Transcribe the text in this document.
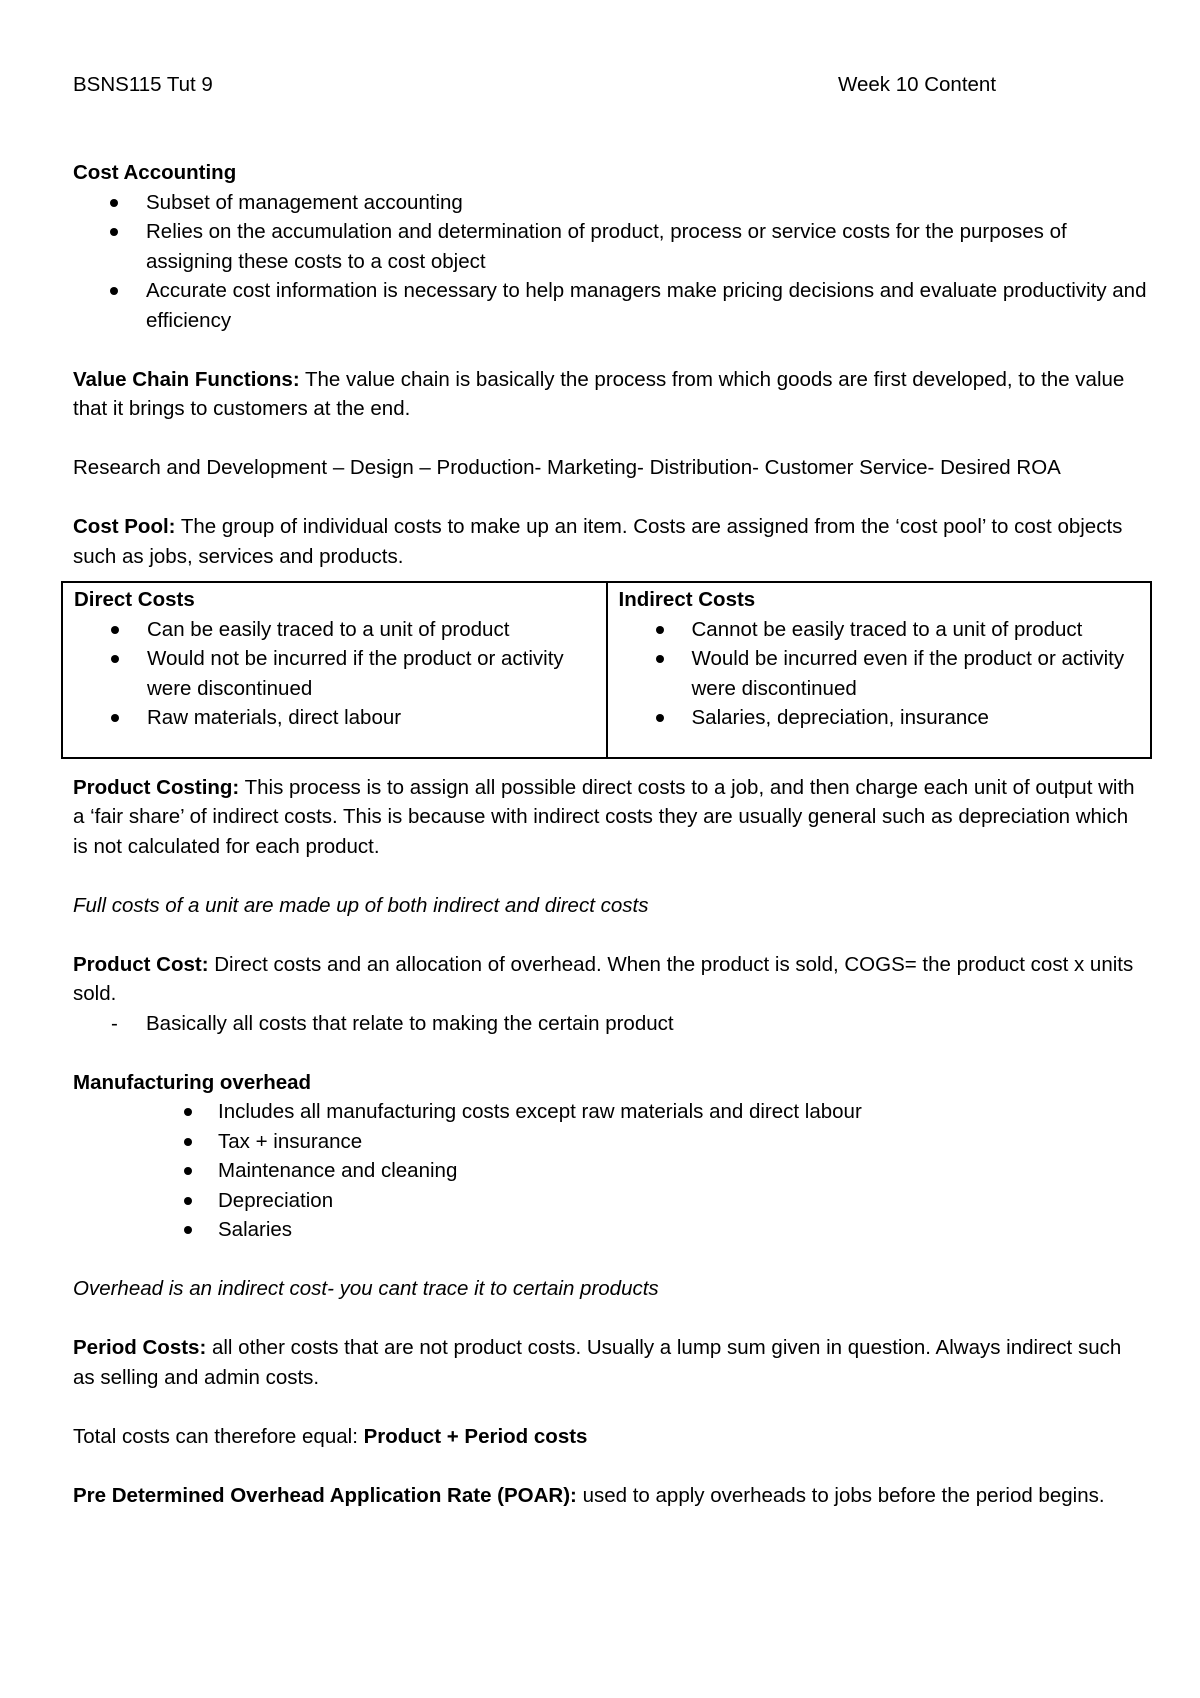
BSNS115 Tut 9	Week 10 Content

Cost Accounting

Subset of management accounting
Relies on the accumulation and determination of product, process or service costs for the purposes of assigning these costs to a cost object
Accurate cost information is necessary to help managers make pricing decisions and evaluate productivity and efficiency

Value Chain Functions: The value chain is basically the process from which goods are first developed, to the value that it brings to customers at the end.

Research and Development – Design – Production- Marketing- Distribution- Customer Service- Desired ROA

Cost Pool: The group of individual costs to make up an item. Costs are assigned from the ‘cost pool’ to cost objects such as jobs, services and products.

Direct Costs

Can be easily traced to a unit of product
Would not be incurred if the product or activity were discontinued
Raw materials, direct labour

Indirect Costs

Cannot be easily traced to a unit of product
Would be incurred even if the product or activity were discontinued
Salaries, depreciation, insurance

Product Costing: This process is to assign all possible direct costs to a job, and then charge each unit of output with a ‘fair share’ of indirect costs. This is because with indirect costs they are usually general such as depreciation which is not calculated for each product.

Full costs of a unit are made up of both indirect and direct costs

Product Cost: Direct costs and an allocation of overhead. When the product is sold, COGS= the product cost x units sold.

- Basically all costs that relate to making the certain product

Manufacturing overhead

Includes all manufacturing costs except raw materials and direct labour
Tax + insurance
Maintenance and cleaning
Depreciation
Salaries

Overhead is an indirect cost- you cant trace it to certain products

Period Costs: all other costs that are not product costs. Usually a lump sum given in question. Always indirect such as selling and admin costs.

Total costs can therefore equal: Product + Period costs

Pre Determined Overhead Application Rate (POAR): used to apply overheads to jobs before the period begins.
